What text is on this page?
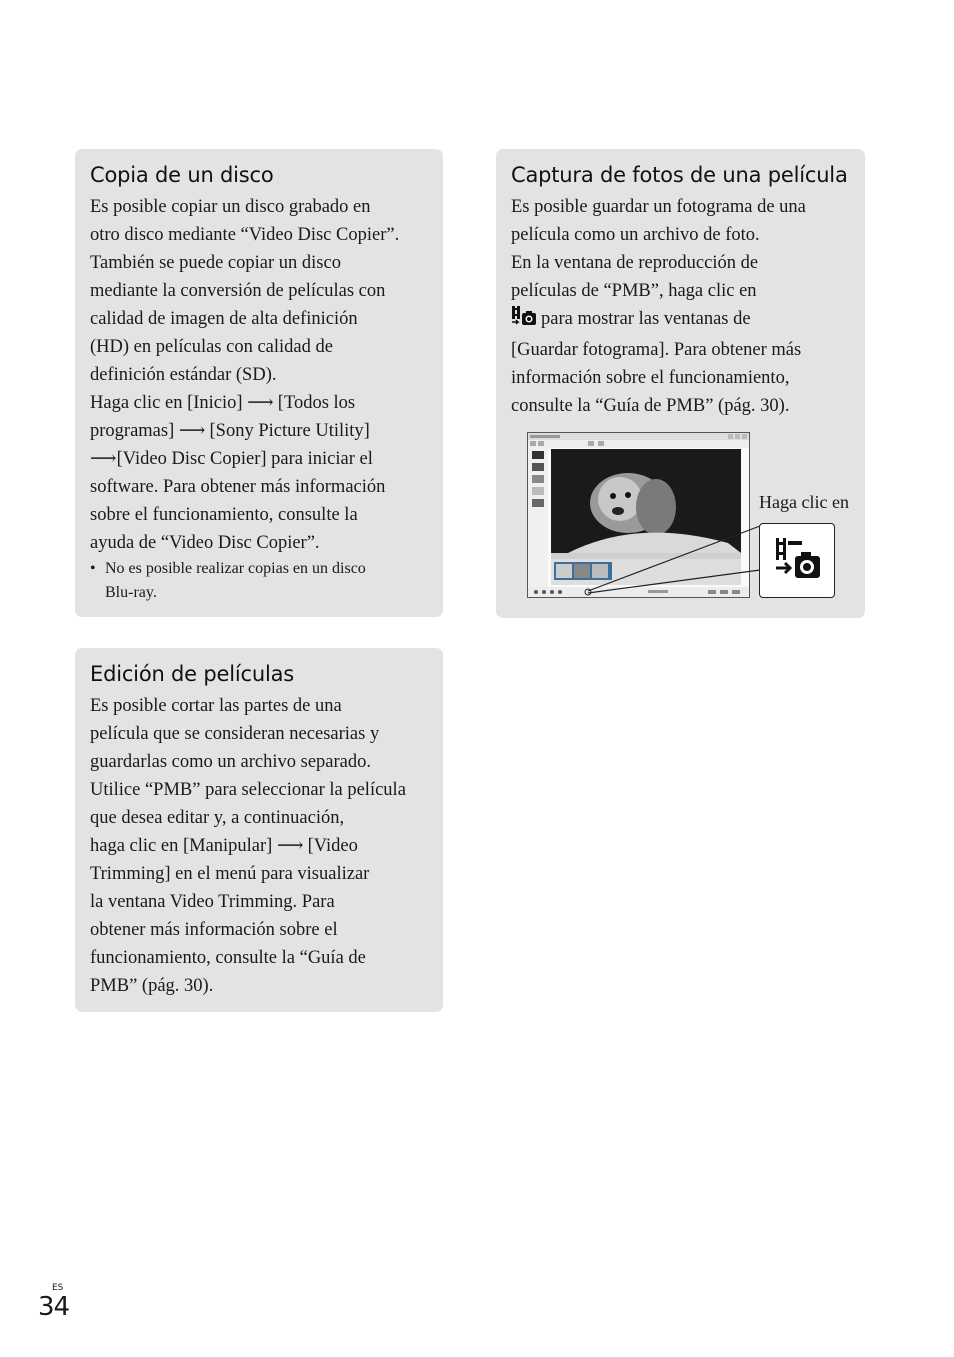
Copia de un disco

Es posible copiar un disco grabado en
otro disco mediante “Video Disc Copier”.
También se puede copiar un disco
mediante la conversión de películas con
calidad de imagen de alta definición
(HD) en películas con calidad de
definición estándar (SD).
Haga clic en [Inicio] ⟶ [Todos los
programas] ⟶ [Sony Picture Utility]
⟶ [Video Disc Copier] para iniciar el
software. Para obtener más información
sobre el funcionamiento, consulte la
ayuda de “Video Disc Copier”.

• No es posible realizar copias en un disco
Blu-ray.
Edición de películas

Es posible cortar las partes de una
película que se consideran necesarias y
guardarlas como un archivo separado.
Utilice “PMB” para seleccionar la película
que desea editar y, a continuación,
haga clic en [Manipular] ⟶ [Video
Trimming] en el menú para visualizar
la ventana Video Trimming. Para
obtener más información sobre el
funcionamiento, consulte la “Guía de
PMB” (pág. 30).

Captura de fotos de una película

Es posible guardar un fotograma de una
película como un archivo de foto.
En la ventana de reproducción de
películas de “PMB”, haga clic en
para mostrar las ventanas de
[Guardar fotograma]. Para obtener más
información sobre el funcionamiento,
consulte la “Guía de PMB” (pág. 30).

Haga clic en
ES
34
